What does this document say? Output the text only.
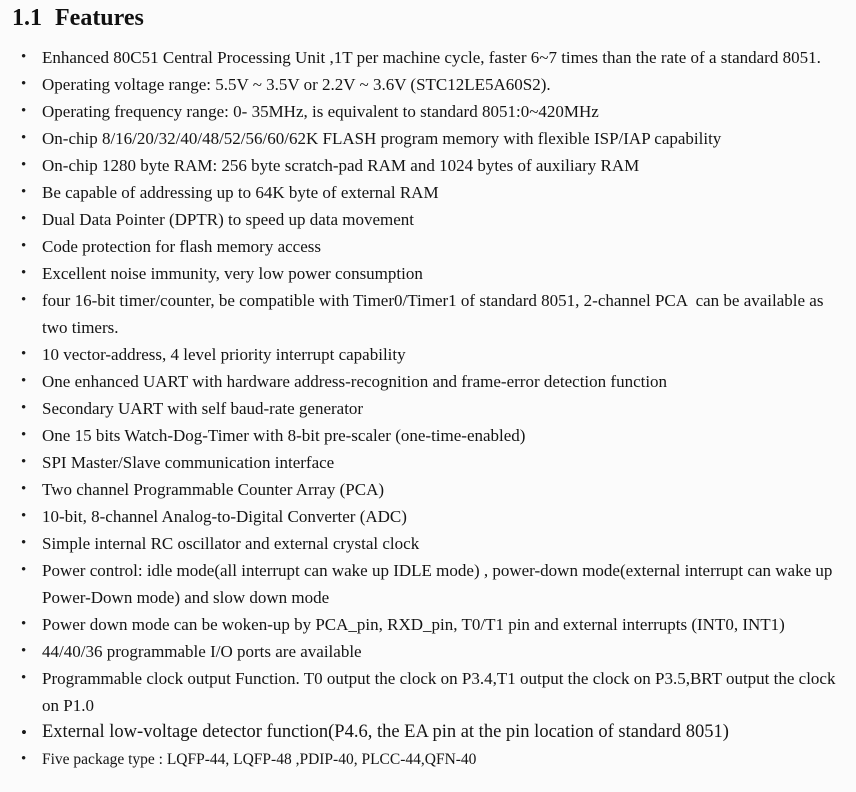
1.1 Features
• Enhanced 80C51 Central Processing Unit ,1T per machine cycle, faster 6~7 times than the rate of a standard 8051.
• Operating voltage range: 5.5V ~ 3.5V or 2.2V ~ 3.6V (STC12LE5A60S2).
• Operating frequency range: 0- 35MHz, is equivalent to standard 8051:0~420MHz
• On-chip 8/16/20/32/40/48/52/56/60/62K FLASH program memory with flexible ISP/IAP capability
• On-chip 1280 byte RAM: 256 byte scratch-pad RAM and 1024 bytes of auxiliary RAM
• Be capable of addressing up to 64K byte of external RAM
• Dual Data Pointer (DPTR) to speed up data movement
• Code protection for flash memory access
• Excellent noise immunity, very low power consumption
• four 16-bit timer/counter, be compatible with Timer0/Timer1 of standard 8051, 2-channel PCA  can be available as two timers.
• 10 vector-address, 4 level priority interrupt capability
• One enhanced UART with hardware address-recognition and frame-error detection function
• Secondary UART with self baud-rate generator
• One 15 bits Watch-Dog-Timer with 8-bit pre-scaler (one-time-enabled)
• SPI Master/Slave communication interface
• Two channel Programmable Counter Array (PCA)
• 10-bit, 8-channel Analog-to-Digital Converter (ADC)
• Simple internal RC oscillator and external crystal clock
• Power control: idle mode(all interrupt can wake up IDLE mode) , power-down mode(external interrupt can wake up Power-Down mode) and slow down mode
• Power down mode can be woken-up by PCA_pin, RXD_pin, T0/T1 pin and external interrupts (INT0, INT1)
• 44/40/36 programmable I/O ports are available
• Programmable clock output Function. T0 output the clock on P3.4,T1 output the clock on P3.5,BRT output the clock on P1.0
• External low-voltage detector function(P4.6, the EA pin at the pin location of standard 8051)
• Five package type : LQFP-44, LQFP-48 ,PDIP-40, PLCC-44,QFN-40
